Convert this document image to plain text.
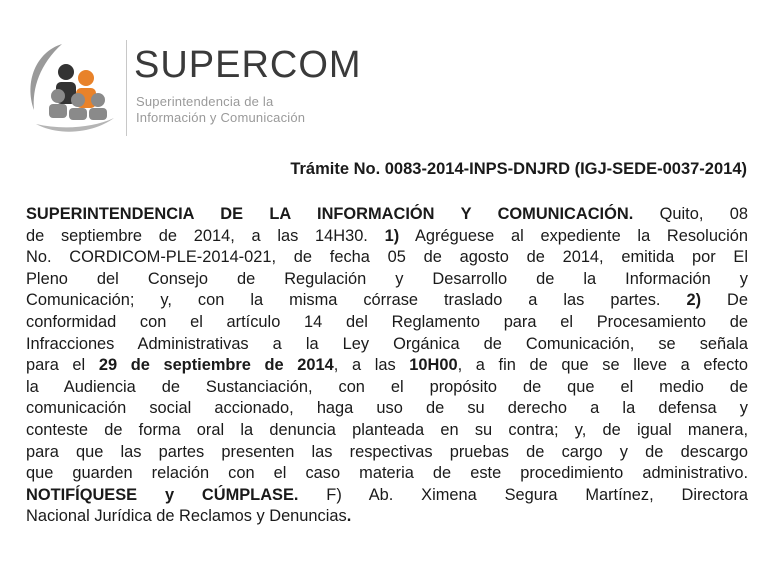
SUPERCOM
Superintendencia de la
Información y Comunicación
Trámite No. 0083-2014-INPS-DNJRD (IGJ-SEDE-0037-2014)
SUPERINTENDENCIA DE LA INFORMACIÓN Y COMUNICACIÓN. Quito, 08
de septiembre de 2014, a las 14H30. 1) Agréguese al expediente la Resolución
No. CORDICOM-PLE-2014-021, de fecha 05 de agosto de 2014, emitida por El
Pleno del Consejo de Regulación y Desarrollo de la Información y
Comunicación; y, con la misma córrase traslado a las partes. 2) De
conformidad con el artículo 14 del Reglamento para el Procesamiento de
Infracciones Administrativas a la Ley Orgánica de Comunicación, se señala
para el 29 de septiembre de 2014, a las 10H00, a fin de que se lleve a efecto
la Audiencia de Sustanciación, con el propósito de que el medio de
comunicación social accionado, haga uso de su derecho a la defensa y
conteste de forma oral la denuncia planteada en su contra; y, de igual manera,
para que las partes presenten las respectivas pruebas de cargo y de descargo
que guarden relación con el caso materia de este procedimiento administrativo.
NOTIFÍQUESE y CÚMPLASE. F) Ab. Ximena Segura Martínez, Directora
Nacional Jurídica de Reclamos y Denuncias.
